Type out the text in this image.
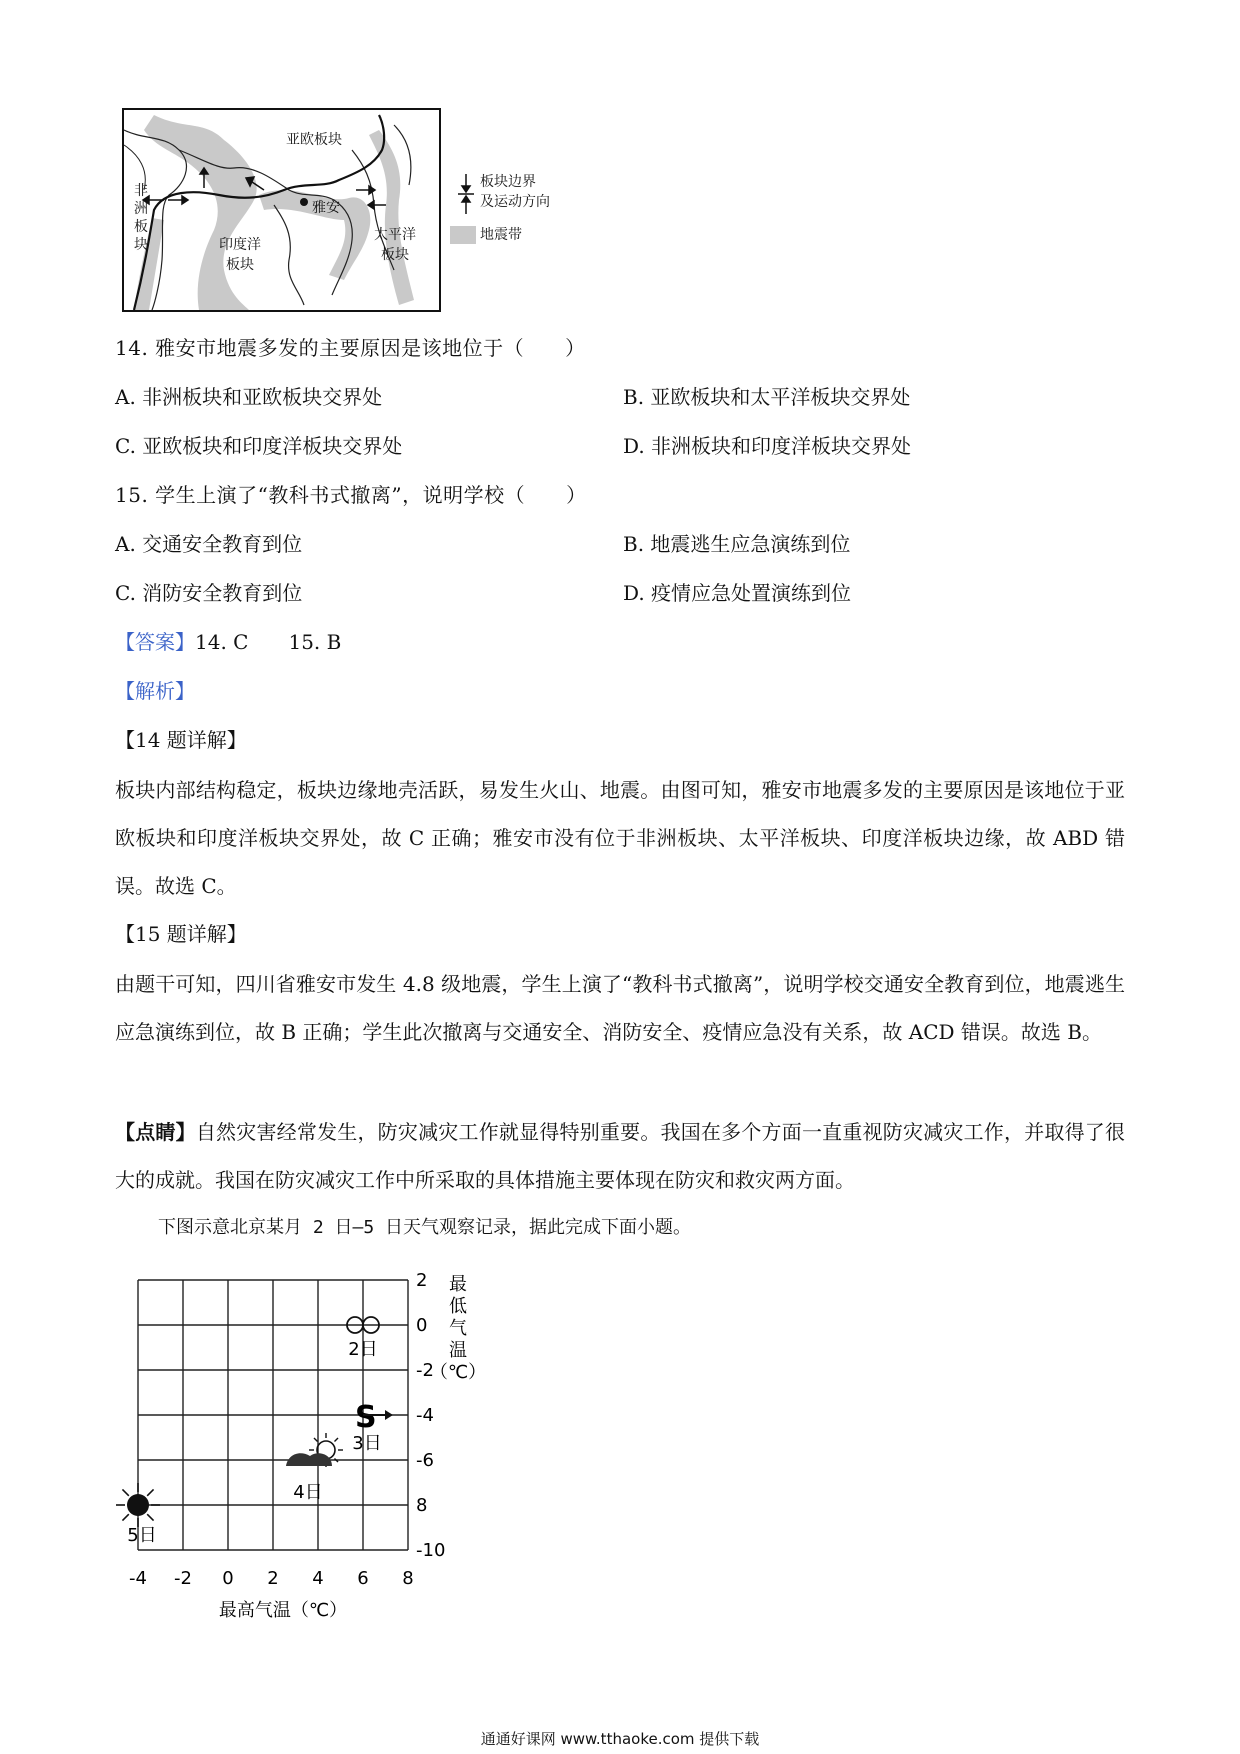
亚欧板块
非
洲
板
块	印度洋
板块
太平洋
板块
雅安
板块边界
及运动方向
地震带
14. 雅安市地震多发的主要原因是该地位于（　　）
A. 非洲板块和亚欧板块交界处	B. 亚欧板块和太平洋板块交界处
C. 亚欧板块和印度洋板块交界处	D. 非洲板块和印度洋板块交界处
15. 学生上演了“教科书式撤离”，说明学校（　　）
A. 交通安全教育到位	B. 地震逃生应急演练到位
C. 消防安全教育到位	D. 疫情应急处置演练到位
【答案】14. C　　15. B
【解析】
【14 题详解】
板块内部结构稳定，板块边缘地壳活跃，易发生火山、地震。由图可知，雅安市地震多发的主要原因是该地位于亚欧板块和印度洋板块交界处，故 C 正确；雅安市没有位于非洲板块、太平洋板块、印度洋板块边缘，故 ABD 错误。故选 C。
【15 题详解】
由题干可知，四川省雅安市发生 4.8 级地震，学生上演了“教科书式撤离”，说明学校交通安全教育到位，地震逃生应急演练到位，故 B 正确；学生此次撤离与交通安全、消防安全、疫情应急没有关系，故 ACD 错误。故选 B。
【点睛】自然灾害经常发生，防灾减灾工作就显得特别重要。我国在多个方面一直重视防灾减灾工作，并取得了很大的成就。我国在防灾减灾工作中所采取的具体措施主要体现在防灾和救灾两方面。
下图示意北京某月 2 日—5 日天气观察记录，据此完成下面小题。
-4 -2 0 2 4 6 8
2
0
-2
-4
-6
8
-10
最高气温（℃）
最
低
气
温
（℃）
2日
S
3日
4日
5日
通通好课网 www.tthaoke.com 提供下载
